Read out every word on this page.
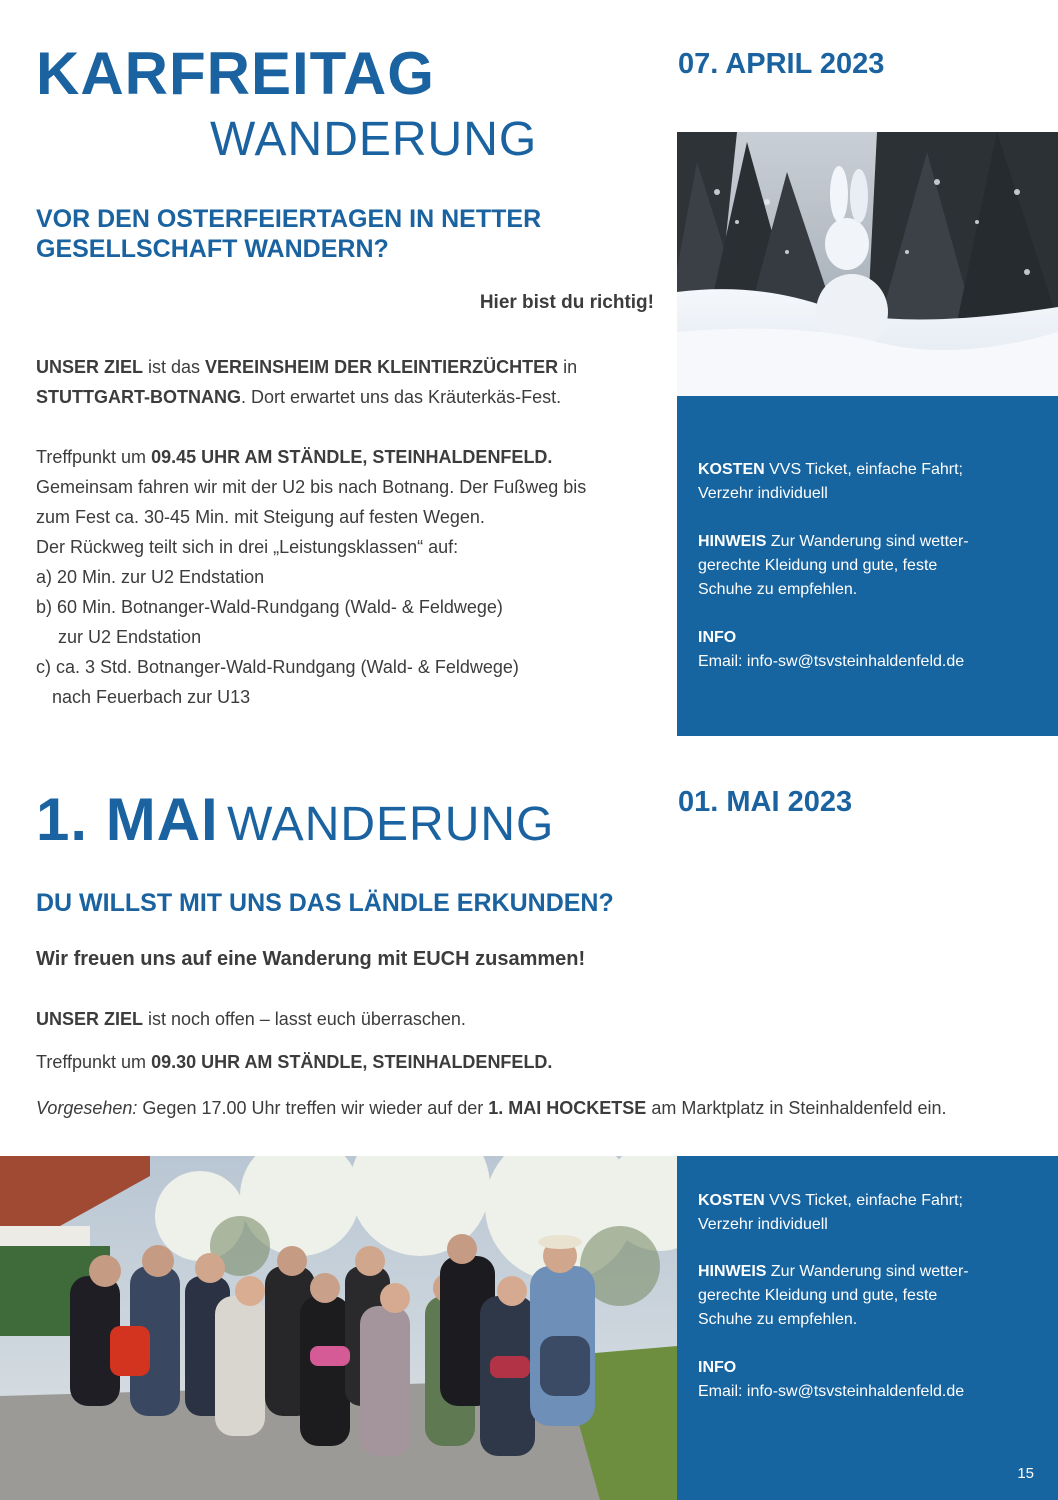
KARFREITAG
WANDERUNG
07. APRIL 2023
VOR DEN OSTERFEIERTAGEN IN NETTER
GESELLSCHAFT WANDERN?
Hier bist du richtig!
UNSER ZIEL ist das VEREINSHEIM DER KLEINTIERZÜCHTER in
STUTTGART-BOTNANG. Dort erwartet uns das Kräuterkäs-Fest.
Treffpunkt um 09.45 UHR AM STÄNDLE, STEINHALDENFELD.
Gemeinsam fahren wir mit der U2 bis nach Botnang. Der Fußweg bis
zum Fest ca. 30-45 Min. mit Steigung auf festen Wegen.
Der Rückweg teilt sich in drei „Leistungsklassen“ auf:
a) 20 Min. zur U2 Endstation
b) 60 Min. Botnanger-Wald-Rundgang (Wald- & Feldwege)
zur U2 Endstation
c) ca. 3 Std. Botnanger-Wald-Rundgang (Wald- & Feldwege)
nach Feuerbach zur U13
KOSTEN VVS Ticket, einfache Fahrt;
Verzehr individuell
HINWEIS Zur Wanderung sind wetter-
gerechte Kleidung und gute, feste
Schuhe zu empfehlen.
INFO
Email: info-sw@tsvsteinhaldenfeld.de
1. MAI WANDERUNG	01. MAI 2023
DU WILLST MIT UNS DAS LÄNDLE ERKUNDEN?
Wir freuen uns auf eine Wanderung mit EUCH zusammen!
UNSER ZIEL ist noch offen – lasst euch überraschen.
Treffpunkt um 09.30 UHR AM STÄNDLE, STEINHALDENFELD.
Vorgesehen: Gegen 17.00 Uhr treffen wir wieder auf der 1. MAI HOCKETSE am Marktplatz in Steinhaldenfeld ein.
KOSTEN VVS Ticket, einfache Fahrt;
Verzehr individuell
HINWEIS Zur Wanderung sind wetter-
gerechte Kleidung und gute, feste
Schuhe zu empfehlen.
INFO
Email: info-sw@tsvsteinhaldenfeld.de
15
